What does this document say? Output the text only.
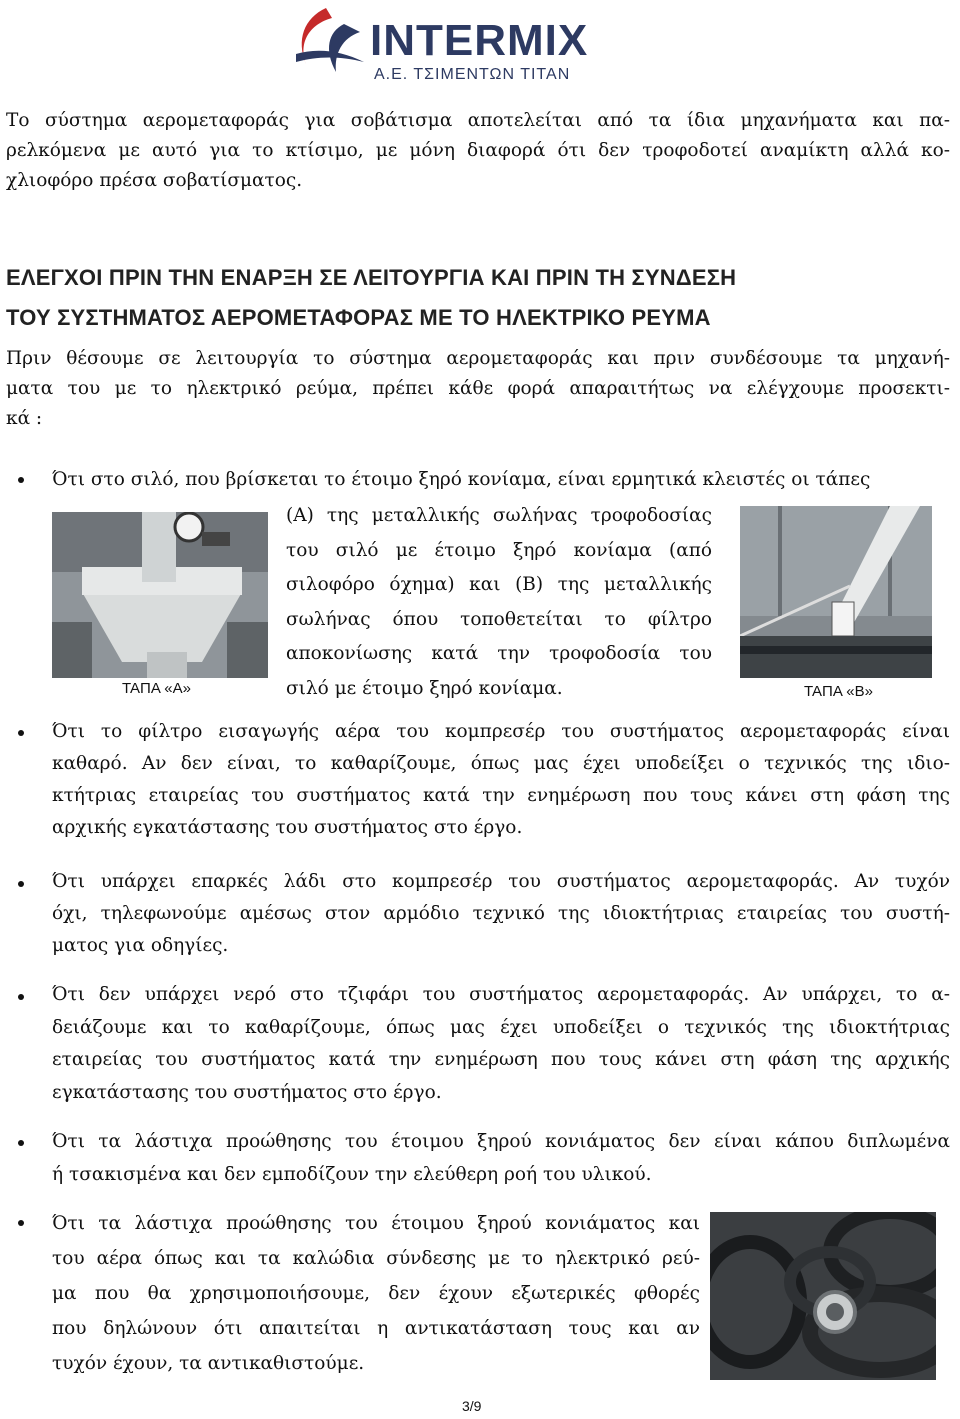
INTERMIX
Α.Ε. ΤΣΙΜΕΝΤΩΝ ΤΙΤΑΝ
Το σύστημα αερομεταφοράς για σοβάτισμα αποτελείται από τα ίδια μηχανήματα και πα-
ρελκόμενα με αυτό για το κτίσιμο, με μόνη διαφορά ότι δεν τροφοδοτεί αναμίκτη αλλά κο-
χλιοφόρο πρέσα σοβατίσματος.
ΕΛΕΓΧΟΙ ΠΡΙΝ ΤΗΝ ΕΝΑΡΞΗ ΣΕ ΛΕΙΤΟΥΡΓΙΑ ΚΑΙ ΠΡΙΝ ΤΗ ΣΥΝΔΕΣΗ
ΤΟΥ ΣΥΣΤΗΜΑΤΟΣ ΑΕΡΟΜΕΤΑΦΟΡΑΣ ΜΕ ΤΟ ΗΛΕΚΤΡΙΚΟ ΡΕΥΜΑ
Πριν θέσουμε σε λειτουργία το σύστημα αερομεταφοράς και πριν συνδέσουμε τα μηχανή-
ματα του με το ηλεκτρικό ρεύμα, πρέπει κάθε φορά απαραιτήτως να ελέγχουμε προσεκτι-
κά :
Ότι στο σιλό, που βρίσκεται το έτοιμο ξηρό κονίαμα, είναι ερμητικά κλειστές οι τάπες
ΤΑΠΑ «Α»	ΤΑΠΑ «Β»
(Α) της μεταλλικής σωλήνας τροφοδοσίας
του σιλό με έτοιμο ξηρό κονίαμα (από
σιλοφόρο όχημα) και (Β) της μεταλλικής
σωλήνας όπου τοποθετείται το φίλτρο
αποκονίωσης κατά την τροφοδοσία του
σιλό με έτοιμο ξηρό κονίαμα.
Ότι το φίλτρο εισαγωγής αέρα του κομπρεσέρ του συστήματος αερομεταφοράς είναι
καθαρό. Αν δεν είναι, το καθαρίζουμε, όπως μας έχει υποδείξει ο τεχνικός της ιδιο-
κτήτριας εταιρείας του συστήματος κατά την ενημέρωση που τους κάνει στη φάση της
αρχικής εγκατάστασης του συστήματος στο έργο.
Ότι υπάρχει επαρκές λάδι στο κομπρεσέρ του συστήματος αερομεταφοράς. Αν τυχόν
όχι, τηλεφωνούμε αμέσως στον αρμόδιο τεχνικό της ιδιοκτήτριας εταιρείας του συστή-
ματος για οδηγίες.
Ότι δεν υπάρχει νερό στο τζιφάρι του συστήματος αερομεταφοράς. Αν υπάρχει, το α-
δειάζουμε και το καθαρίζουμε, όπως μας έχει υποδείξει ο τεχνικός της ιδιοκτήτριας
εταιρείας του συστήματος κατά την ενημέρωση που τους κάνει στη φάση της αρχικής
εγκατάστασης του συστήματος στο έργο.
Ότι τα λάστιχα προώθησης του έτοιμου ξηρού κονιάματος δεν είναι κάπου διπλωμένα
ή τσακισμένα και δεν εμποδίζουν την ελεύθερη ροή του υλικού.
Ότι τα λάστιχα προώθησης του έτοιμου ξηρού κονιάματος και
του αέρα όπως και τα καλώδια σύνδεσης με το ηλεκτρικό ρεύ-
μα που θα χρησιμοποιήσουμε, δεν έχουν εξωτερικές φθορές
που δηλώνουν ότι απαιτείται η αντικατάσταση τους και αν
τυχόν έχουν, τα αντικαθιστούμε.
3/9
